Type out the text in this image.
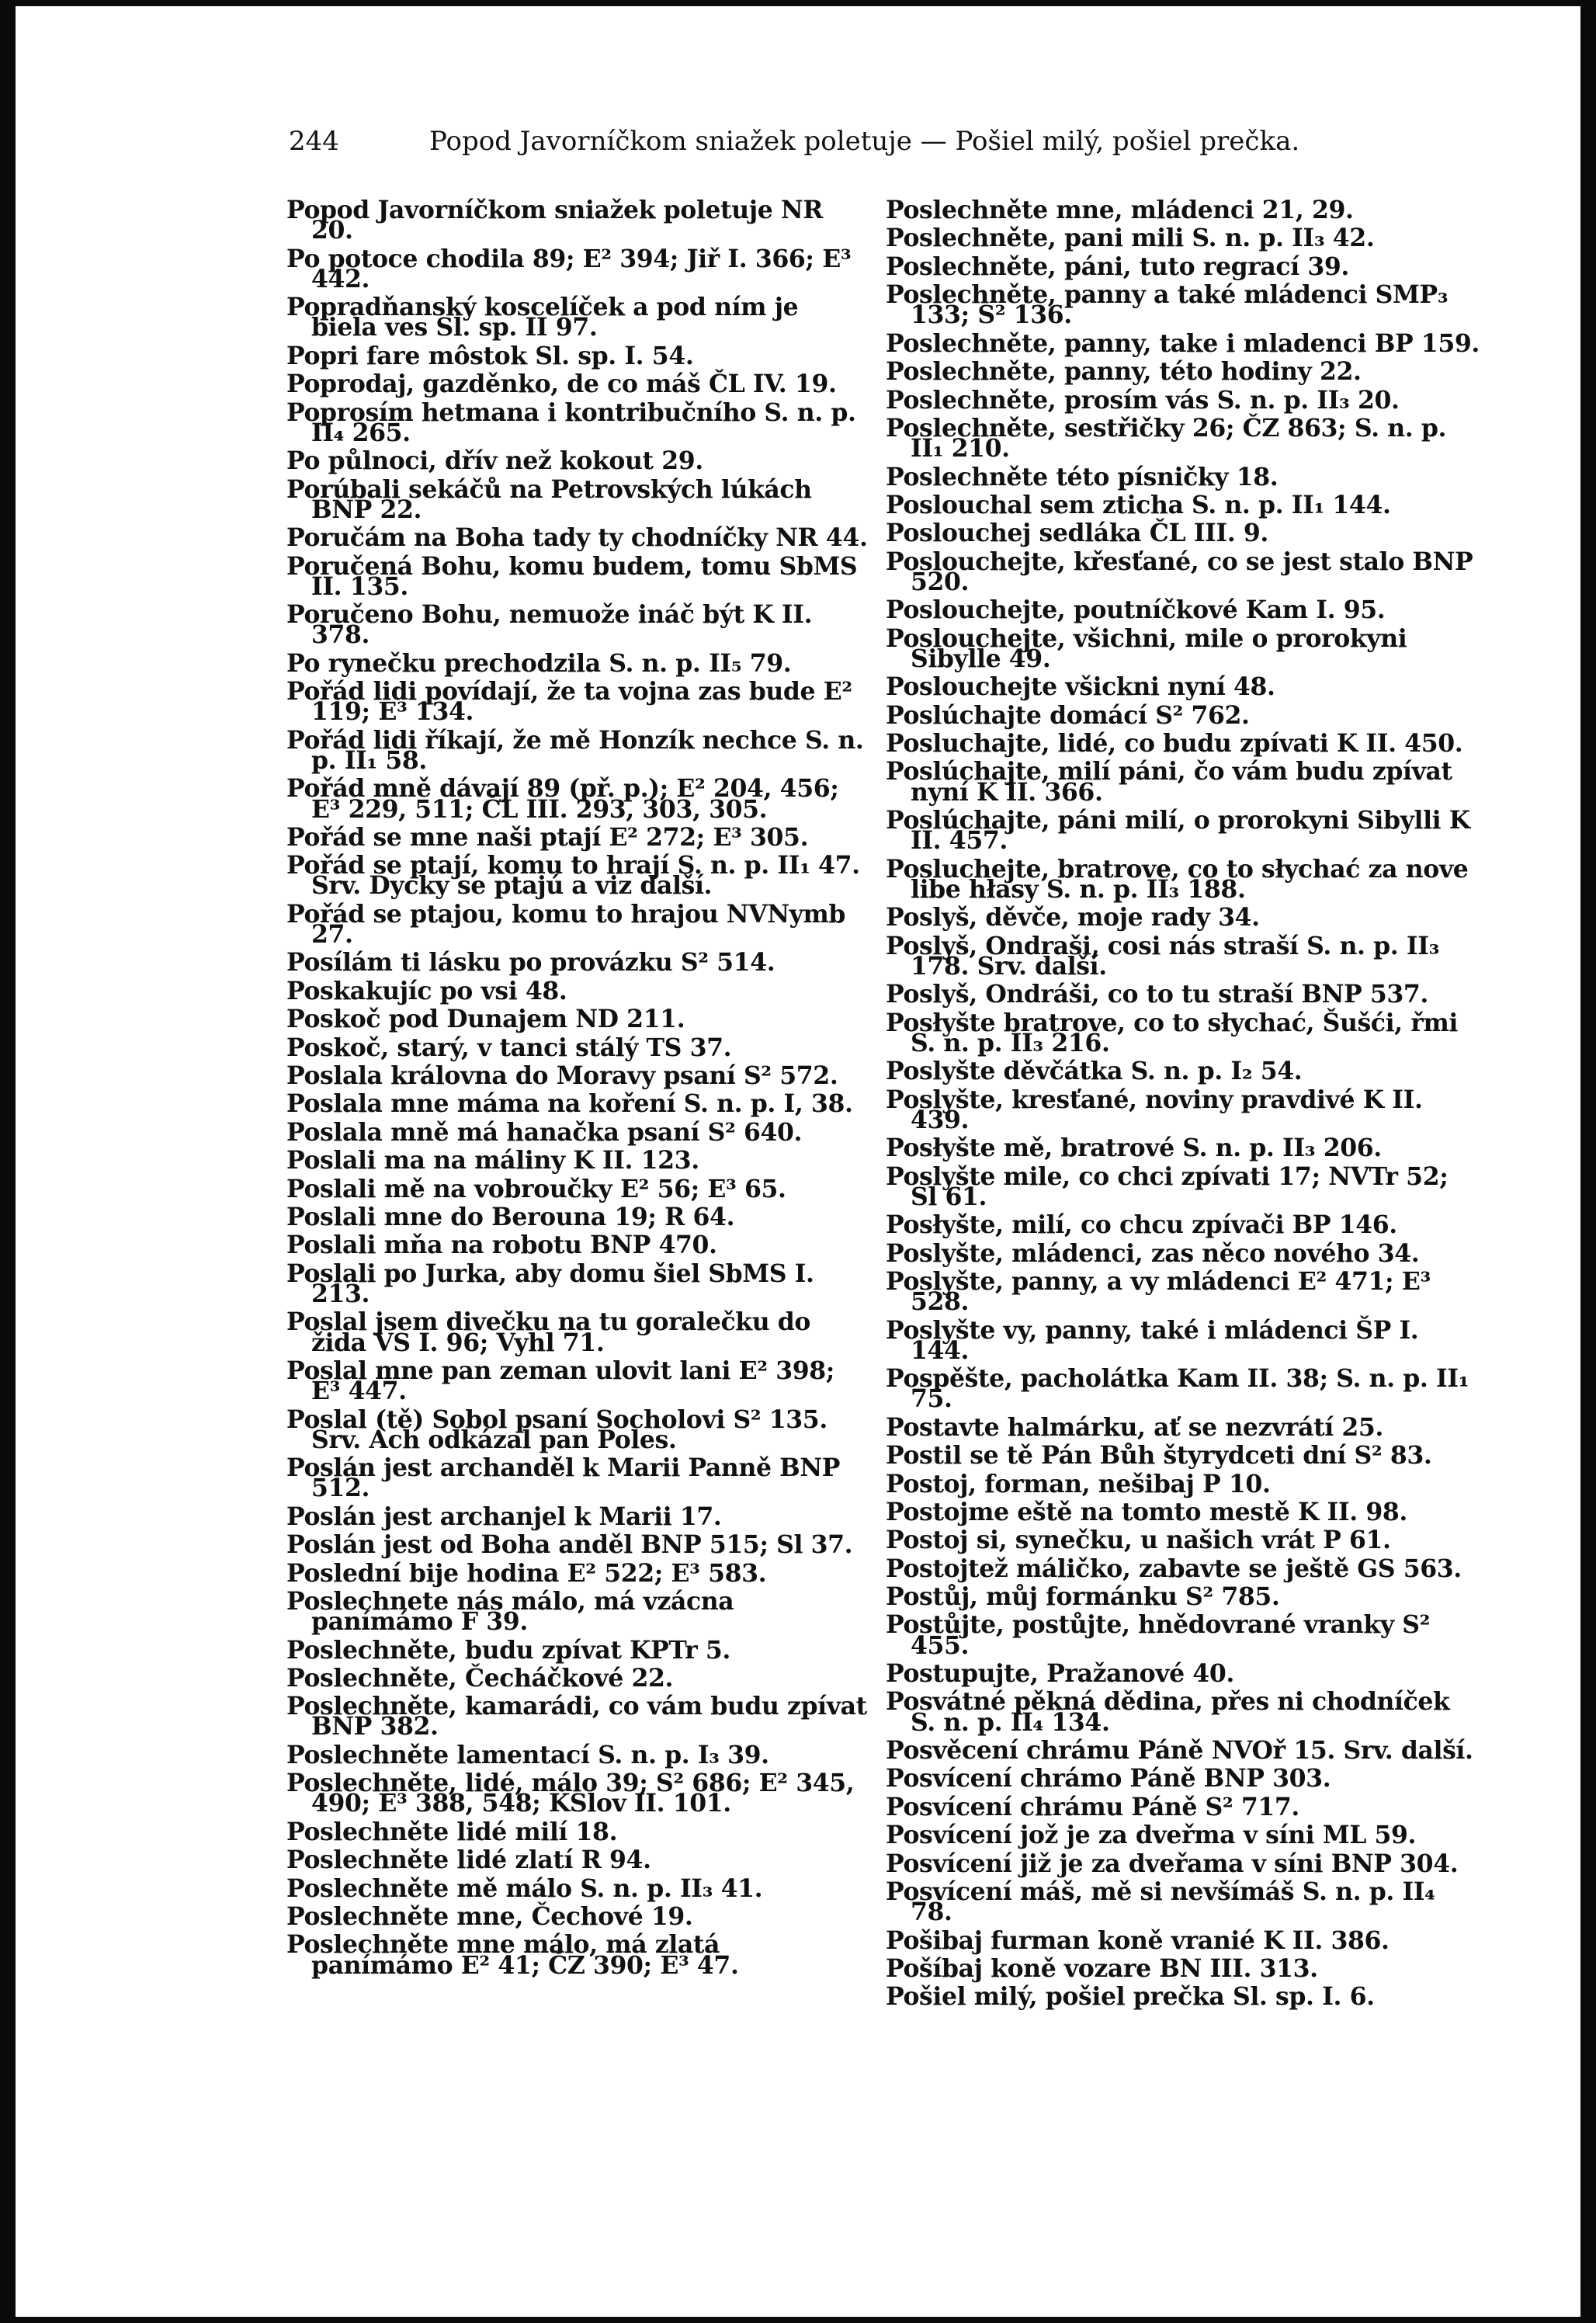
244	Popod Javorníčkom sniažek poletuje — Pošiel milý, pošiel prečka.

Popod Javorníčkom sniažek poletuje NR 20.

Po potoce chodila 89; E² 394; Jiř I. 366; E³ 442.

Popradňanský koscelíček a pod ním je biela ves Sl. sp. II 97.

Popri fare môstok Sl. sp. I. 54.

Poprodaj, gazděnko, de co máš ČL IV. 19.

Poprosím hetmana i kontribučního S. n. p. II₄ 265.

Po půlnoci, dřív než kokout 29.

Porúbali sekáčů na Petrovských lúkách BNP 22.

Poručám na Boha tady ty chodníčky NR 44.

Poručená Bohu, komu budem, tomu SbMS II. 135.

Poručeno Bohu, nemuože ináč být K II. 378.

Po rynečku prechodzila S. n. p. II₅ 79.

Pořád lidi povídají, že ta vojna zas bude E² 119; E³ 134.

Pořád lidi říkají, že mě Honzík nechce S. n. p. II₁ 58.

Pořád mně dávají 89 (př. p.); E² 204, 456; E³ 229, 511; ČL III. 293, 303, 305.

Pořád se mne naši ptají E² 272; E³ 305.

Pořád se ptají, komu to hrají S. n. p. II₁ 47. Srv. Dycky se ptajú a viz další.

Pořád se ptajou, komu to hrajou NVNymb 27.

Posílám ti lásku po provázku S² 514.

Poskakujíc po vsi 48.

Poskoč pod Dunajem ND 211.

Poskoč, starý, v tanci stálý TS 37.

Poslala královna do Moravy psaní S² 572.

Poslala mne máma na koření S. n. p. I, 38.

Poslala mně má hanačka psaní S² 640.

Poslali ma na máliny K II. 123.

Poslali mě na vobroučky E² 56; E³ 65.

Poslali mne do Berouna 19; R 64.

Poslali mňa na robotu BNP 470.

Poslali po Jurka, aby domu šiel SbMS I. 213.

Poslal jsem divečku na tu goralečku do žida VS I. 96; Vyhl 71.

Poslal mne pan zeman ulovit lani E² 398; E³ 447.

Poslal (tě) Sobol psaní Socholovi S² 135. Srv. Ach odkázal pan Poles.

Poslán jest archanděl k Marii Panně BNP 512.

Poslán jest archanjel k Marii 17.

Poslán jest od Boha anděl BNP 515; Sl 37.

Poslední bije hodina E² 522; E³ 583.

Poslechnete nás málo, má vzácna panímámo F 39.

Poslechněte, budu zpívat KPTr 5.

Poslechněte, Čecháčkové 22.

Poslechněte, kamarádi, co vám budu zpívat BNP 382.

Poslechněte lamentací S. n. p. I₃ 39.

Poslechněte, lidé, málo 39; S² 686; E² 345, 490; E³ 388, 548; KSlov II. 101.

Poslechněte lidé milí 18.

Poslechněte lidé zlatí R 94.

Poslechněte mě málo S. n. p. II₃ 41.

Poslechněte mne, Čechové 19.

Poslechněte mne málo, má zlatá panímámo E² 41; ČZ 390; E³ 47.

Poslechněte mne, mládenci 21, 29.

Poslechněte, pani mili S. n. p. II₃ 42.

Poslechněte, páni, tuto regrací 39.

Poslechněte, panny a také mládenci SMP₃ 133; S² 136.

Poslechněte, panny, take i mladenci BP 159.

Poslechněte, panny, této hodiny 22.

Poslechněte, prosím vás S. n. p. II₃ 20.

Poslechněte, sestřičky 26; ČZ 863; S. n. p. II₁ 210.

Poslechněte této písničky 18.

Poslouchal sem zticha S. n. p. II₁ 144.

Poslouchej sedláka ČL III. 9.

Poslouchejte, křesťané, co se jest stalo BNP 520.

Poslouchejte, poutníčkové Kam I. 95.

Poslouchejte, všichni, mile o prorokyni Sibylle 49.

Poslouchejte všickni nyní 48.

Poslúchajte domácí S² 762.

Posluchajte, lidé, co budu zpívati K II. 450.

Poslúchajte, milí páni, čo vám budu zpívat nyní K II. 366.

Poslúchajte, páni milí, o prorokyni Sibylli K II. 457.

Posluchejte, bratrove, co to słychać za nove libe hłasy S. n. p. II₃ 188.

Poslyš, děvče, moje rady 34.

Poslyš, Ondraši, cosi nás straší S. n. p. II₃ 178. Srv. další.

Poslyš, Ondráši, co to tu straší BNP 537.

Posłyšte bratrove, co to słychać, Šušći, řmi S. n. p. II₃ 216.

Poslyšte děvčátka S. n. p. I₂ 54.

Poslyšte, kresťané, noviny pravdivé K II. 439.

Posłyšte mě, bratrové S. n. p. II₃ 206.

Poslyšte mile, co chci zpívati 17; NVTr 52; Sl 61.

Posłyšte, milí, co chcu zpívači BP 146.

Poslyšte, mládenci, zas něco nového 34.

Poslyšte, panny, a vy mládenci E² 471; E³ 528.

Poslyšte vy, panny, také i mládenci ŠP I. 144.

Pospěšte, pacholátka Kam II. 38; S. n. p. II₁ 75.

Postavte halmárku, ať se nezvrátí 25.

Postil se tě Pán Bůh štyrydceti dní S² 83.

Postoj, forman, nešibaj P 10.

Postojme eště na tomto mestě K II. 98.

Postoj si, synečku, u našich vrát P 61.

Postojtež máličko, zabavte se ještě GS 563.

Postůj, můj formánku S² 785.

Postůjte, postůjte, hnědovrané vranky S² 455.

Postupujte, Pražanové 40.

Posvátné pěkná dědina, přes ni chodníček S. n. p. II₄ 134.

Posvěcení chrámu Páně NVOř 15. Srv. další.

Posvícení chrámo Páně BNP 303.

Posvícení chrámu Páně S² 717.

Posvícení jož je za dveřma v síni ML 59.

Posvícení již je za dveřama v síni BNP 304.

Posvícení máš, mě si nevšímáš S. n. p. II₄ 78.

Pošibaj furman koně vranié K II. 386.

Pošíbaj koně vozare BN III. 313.

Pošiel milý, pošiel prečka Sl. sp. I. 6.
